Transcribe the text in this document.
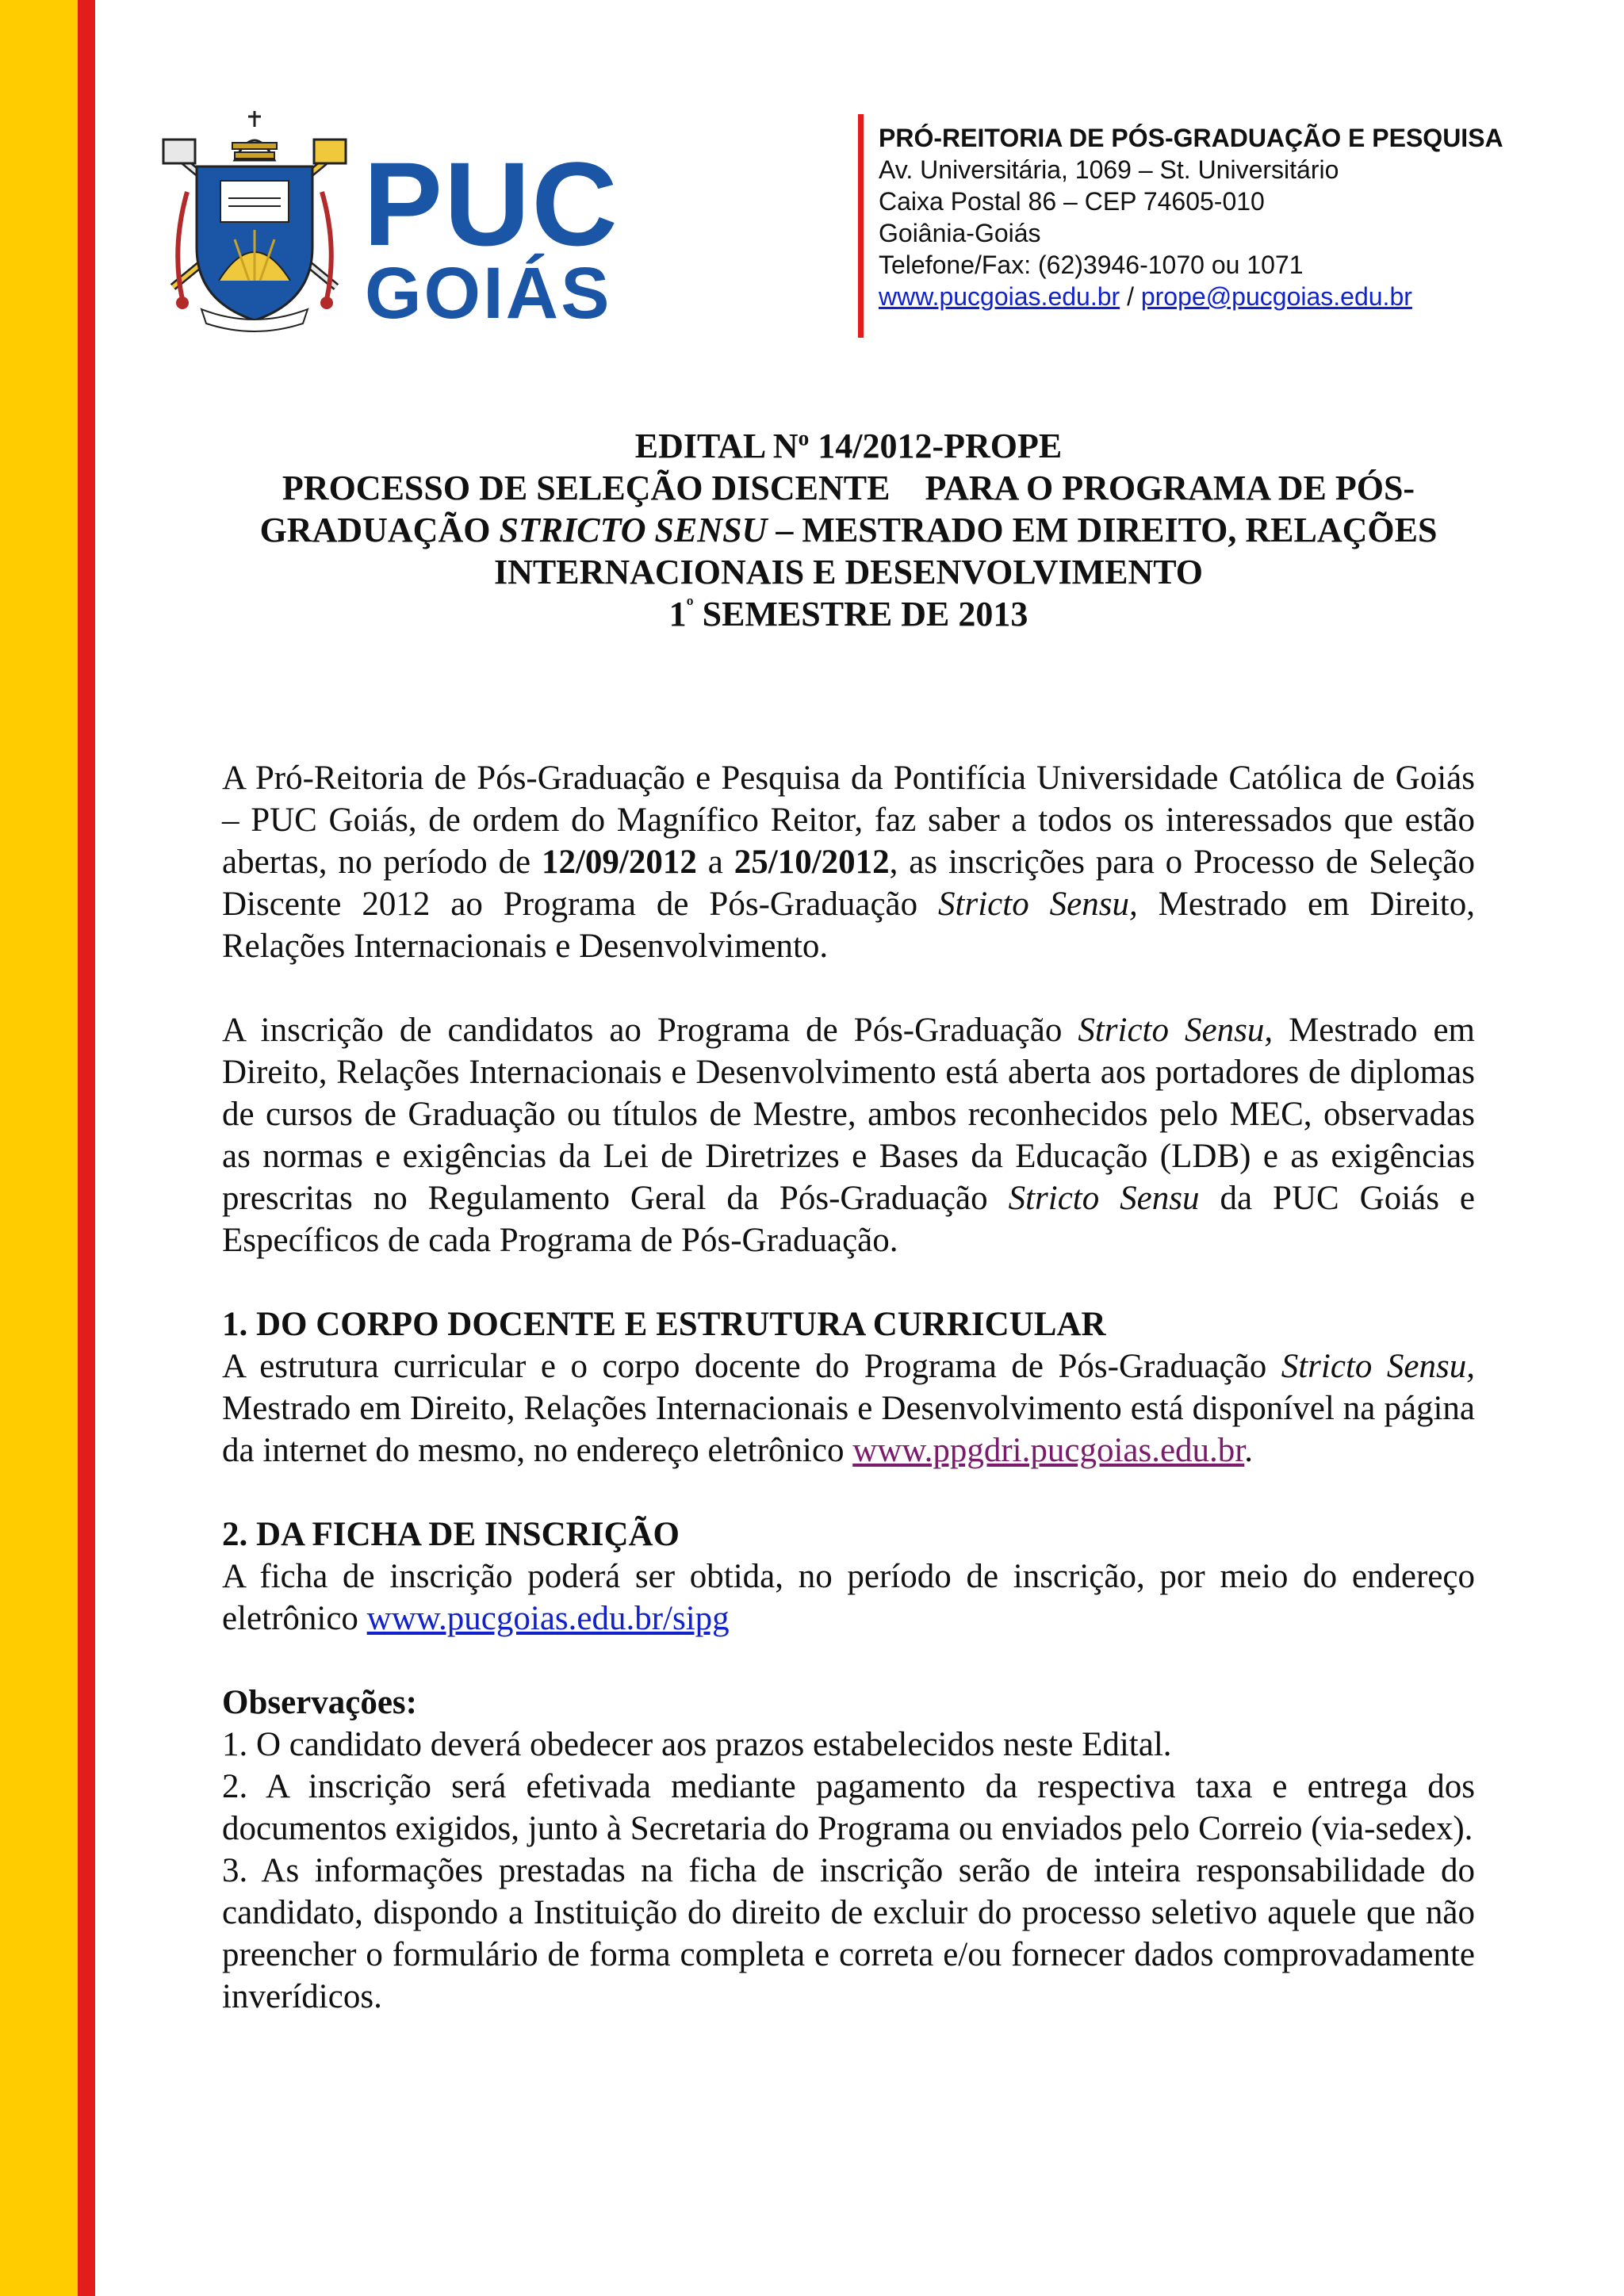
PUC
GOIÁS
PRÓ-REITORIA DE PÓS-GRADUAÇÃO E PESQUISA
Av. Universitária, 1069 – St. Universitário
Caixa Postal 86 – CEP 74605-010
Goiânia-Goiás
Telefone/Fax: (62)3946-1070 ou 1071
www.pucgoias.edu.br / prope@pucgoias.edu.br
EDITAL $N^o$ 14/2012-PROPE
PROCESSO DE SELEÇÃO DISCENTE    PARA O PROGRAMA DE PÓS-
GRADUAÇÃO STRICTO SENSU – MESTRADO EM DIREITO, RELAÇÕES
INTERNACIONAIS E DESENVOLVIMENTO
$1^º$ SEMESTRE DE 2013

A Pró-Reitoria de Pós-Graduação e Pesquisa da Pontifícia Universidade Católica de Goiás – PUC Goiás, de ordem do Magnífico Reitor, faz saber a todos os interessados que estão abertas, no período de 12/09/2012 a 25/10/2012, as inscrições para o Processo de Seleção Discente 2012 ao Programa de Pós-Graduação Stricto Sensu, Mestrado em Direito, Relações Internacionais e Desenvolvimento.

A inscrição de candidatos ao Programa de Pós-Graduação Stricto Sensu, Mestrado em Direito, Relações Internacionais e Desenvolvimento está aberta aos portadores de diplomas de cursos de Graduação ou títulos de Mestre, ambos reconhecidos pelo MEC, observadas as normas e exigências da Lei de Diretrizes e Bases da Educação (LDB) e as exigências prescritas no Regulamento Geral da Pós-Graduação Stricto Sensu da PUC Goiás e Específicos de cada Programa de Pós-Graduação.

1. DO CORPO DOCENTE E ESTRUTURA CURRICULAR

A estrutura curricular e o corpo docente do Programa de Pós-Graduação Stricto Sensu, Mestrado em Direito, Relações Internacionais e Desenvolvimento está disponível na página da internet do mesmo, no endereço eletrônico www.ppgdri.pucgoias.edu.br.

2. DA FICHA DE INSCRIÇÃO

A ficha de inscrição poderá ser obtida, no período de inscrição, por meio do endereço eletrônico www.pucgoias.edu.br/sipg

Observações:

1. O candidato deverá obedecer aos prazos estabelecidos neste Edital.

2. A inscrição será efetivada mediante pagamento da respectiva taxa e entrega dos documentos exigidos, junto à Secretaria do Programa ou enviados pelo Correio (via-sedex).

3. As informações prestadas na ficha de inscrição serão de inteira responsabilidade do candidato, dispondo a Instituição do direito de excluir do processo seletivo aquele que não preencher o formulário de forma completa e correta e/ou fornecer dados comprovadamente inverídicos.
